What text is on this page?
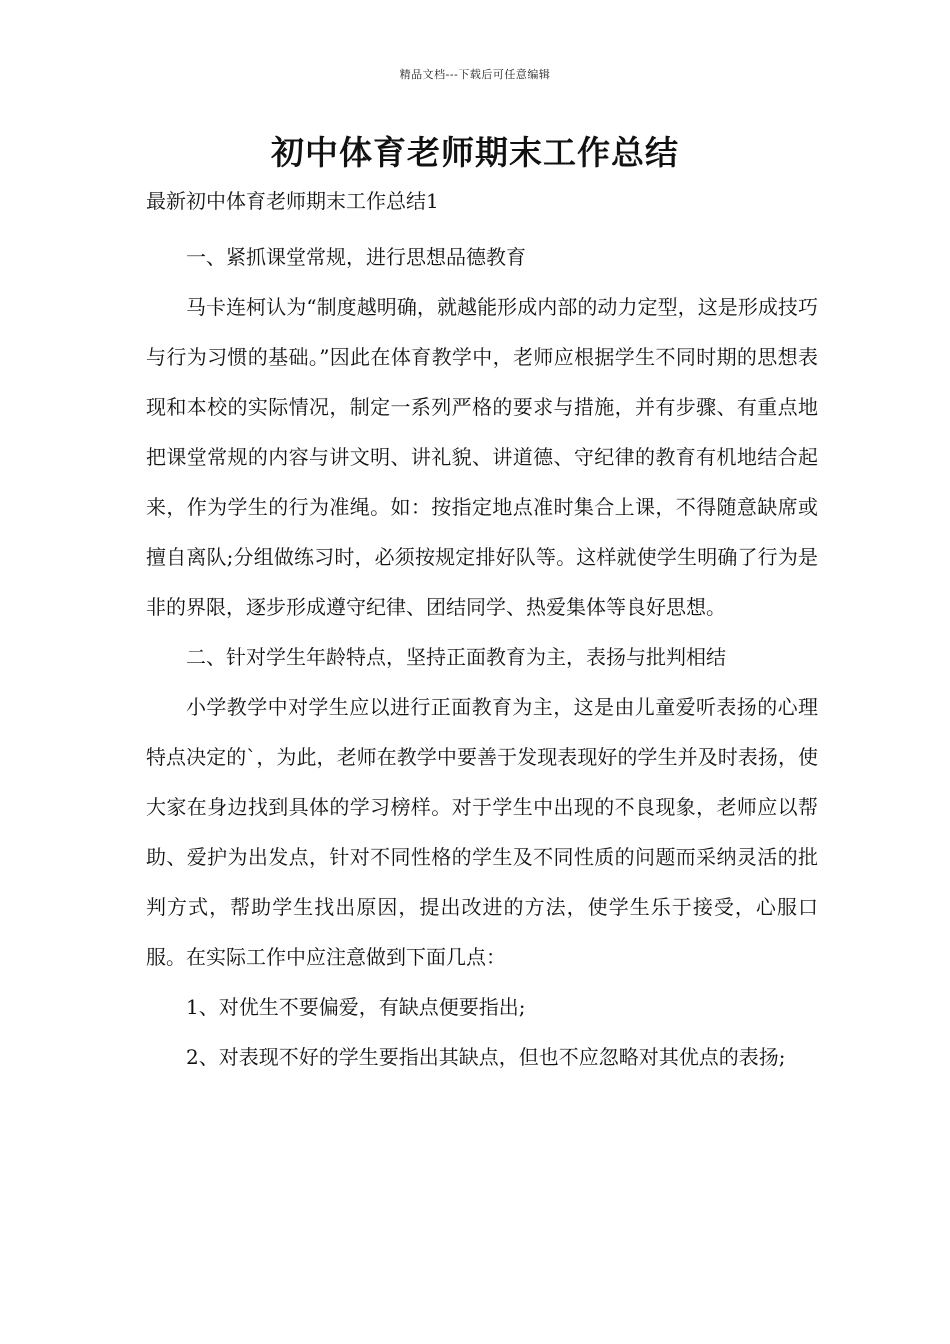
精品文档---下载后可任意编辑
初中体育老师期末工作总结

最新初中体育老师期末工作总结1

一、紧抓课堂常规，进行思想品德教育

马卡连柯认为“制度越明确，就越能形成内部的动力定型，这是形成技巧与行为习惯的基础。”因此在体育教学中，老师应根据学生不同时期的思想表现和本校的实际情况，制定一系列严格的要求与措施，并有步骤、有重点地把课堂常规的内容与讲文明、讲礼貌、讲道德、守纪律的教育有机地结合起来，作为学生的行为准绳。如：按指定地点准时集合上课，不得随意缺席或擅自离队;分组做练习时，必须按规定排好队等。这样就使学生明确了行为是非的界限，逐步形成遵守纪律、团结同学、热爱集体等良好思想。

二、针对学生年龄特点，坚持正面教育为主，表扬与批判相结

小学教学中对学生应以进行正面教育为主，这是由儿童爱听表扬的心理特点决定的`，为此，老师在教学中要善于发现表现好的学生并及时表扬，使大家在身边找到具体的学习榜样。对于学生中出现的不良现象，老师应以帮助、爱护为出发点，针对不同性格的学生及不同性质的问题而采纳灵活的批判方式，帮助学生找出原因，提出改进的方法，使学生乐于接受，心服口服。在实际工作中应注意做到下面几点：

1、对优生不要偏爱，有缺点便要指出;

2、对表现不好的学生要指出其缺点，但也不应忽略对其优点的表扬;
